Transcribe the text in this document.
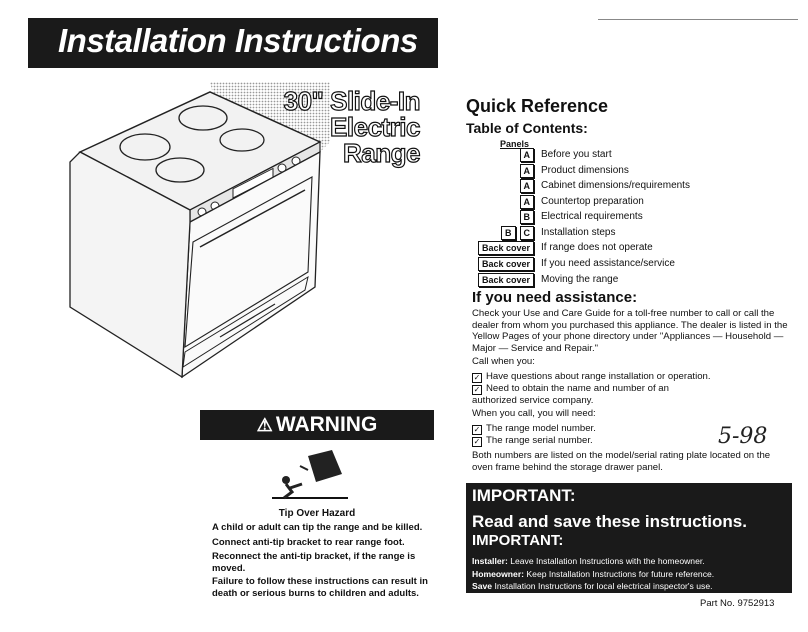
Installation Instructions
30" Slide-In
Electric
Range
⚠ WARNING
Tip Over Hazard
A child or adult can tip the range and be killed.
Connect anti-tip bracket to rear range foot.
Reconnect the anti-tip bracket, if the range is moved.
Failure to follow these instructions can result in death or serious burns to children and adults.
Quick Reference
Table of Contents:
Panels
A	Before you start
A	Product dimensions
A	Cabinet dimensions/requirements
A	Countertop preparation
B	Electrical requirements
B	C	Installation steps
Back cover	If range does not operate
Back cover	If you need assistance/service
Back cover	Moving the range
If you need assistance:
Check your Use and Care Guide for a toll-free number to call or call the dealer from whom you purchased this appliance. The dealer is listed in the Yellow Pages of your phone directory under "Appliances — Household — Major — Service and Repair."
Call when you:
✓ Have questions about range installation or operation.
✓ Need to obtain the name and number of an authorized service company.
When you call, you will need:
✓ The range model number.
✓ The range serial number.	5-98
Both numbers are listed on the model/serial rating plate located on the oven frame behind the storage drawer panel.
IMPORTANT:
Read and save these instructions.
IMPORTANT:
Installer: Leave Installation Instructions with the homeowner.
Homeowner: Keep Installation Instructions for future reference.
Save Installation Instructions for local electrical inspector's use.
Part No. 9752913
